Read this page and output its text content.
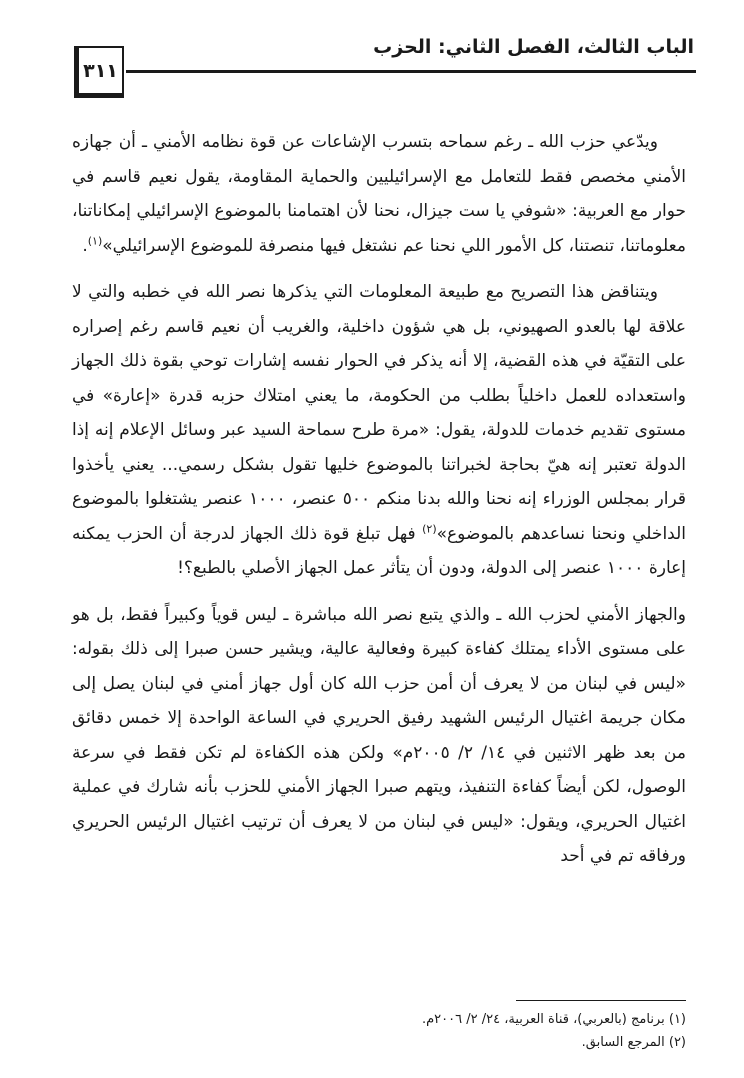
الباب الثالث، الفصل الثاني: الحزب
٣١١

ويدّعي حزب الله ـ رغم سماحه بتسرب الإشاعات عن قوة نظامه الأمني ـ أن جهازه الأمني مخصص فقط للتعامل مع الإسرائيليين والحماية المقاومة، يقول نعيم قاسم في حوار مع العربية: «شوفي يا ست جيزال، نحنا لأن اهتمامنا بالموضوع الإسرائيلي إمكاناتنا، معلوماتنا، تنصتنا، كل الأمور اللي نحنا عم نشتغل فيها منصرفة للموضوع الإسرائيلي»$^{(١)}$.

ويتناقض هذا التصريح مع طبيعة المعلومات التي يذكرها نصر الله في خطبه والتي لا علاقة لها بالعدو الصهيوني، بل هي شؤون داخلية، والغريب أن نعيم قاسم رغم إصراره على التقيّة في هذه القضية، إلا أنه يذكر في الحوار نفسه إشارات توحي بقوة ذلك الجهاز واستعداده للعمل داخلياً بطلب من الحكومة، ما يعني امتلاك حزبه قدرة «إعارة» في مستوى تقديم خدمات للدولة، يقول: «مرة طرح سماحة السيد عبر وسائل الإعلام إنه إذا الدولة تعتبر إنه هيّ بحاجة لخبراتنا بالموضوع خليها تقول بشكل رسمي... يعني يأخذوا قرار بمجلس الوزراء إنه نحنا والله بدنا منكم ٥٠٠ عنصر، ١٠٠٠ عنصر يشتغلوا بالموضوع الداخلي ونحنا نساعدهم بالموضوع»$^{(٢)}$ فهل تبلغ قوة ذلك الجهاز لدرجة أن الحزب يمكنه إعارة ١٠٠٠ عنصر إلى الدولة، ودون أن يتأثر عمل الجهاز الأصلي بالطبع؟!

والجهاز الأمني لحزب الله ـ والذي يتبع نصر الله مباشرة ـ ليس قوياً وكبيراً فقط، بل هو على مستوى الأداء يمتلك كفاءة كبيرة وفعالية عالية، ويشير حسن صبرا إلى ذلك بقوله: «ليس في لبنان من لا يعرف أن أمن حزب الله كان أول جهاز أمني في لبنان يصل إلى مكان جريمة اغتيال الرئيس الشهيد رفيق الحريري في الساعة الواحدة إلا خمس دقائق من بعد ظهر الاثنين في ١٤/ ٢/ ٢٠٠٥م» ولكن هذه الكفاءة لم تكن فقط في سرعة الوصول، لكن أيضاً كفاءة التنفيذ، ويتهم صبرا الجهاز الأمني للحزب بأنه شارك في عملية اغتيال الحريري، ويقول: «ليس في لبنان من لا يعرف أن ترتيب اغتيال الرئيس الحريري ورفاقه تم في أحد

(١) برنامج (بالعربي)، قناة العربية، ٢٤/ ٢/ ٢٠٠٦م.
(٢) المرجع السابق.
